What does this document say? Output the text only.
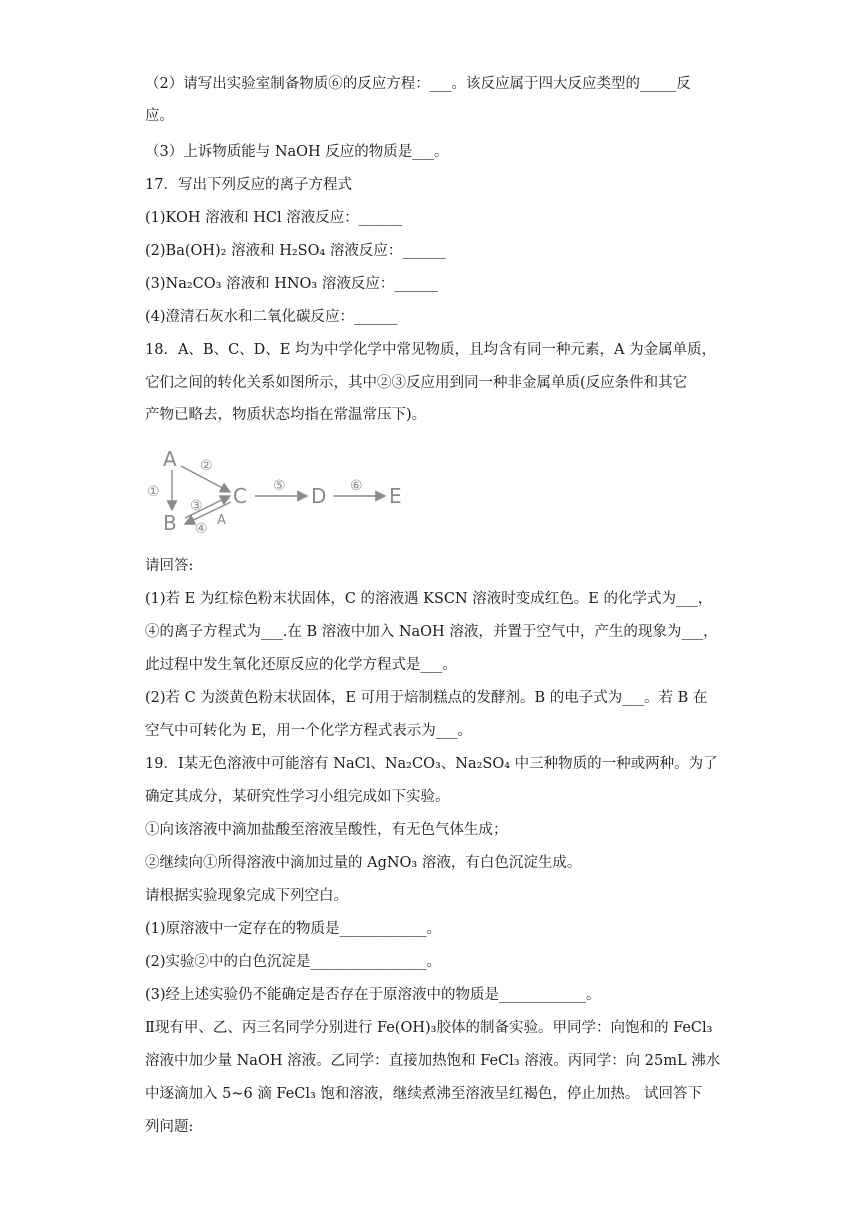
（2）请写出实验室制备物质⑥的反应方程：___。该反应属于四大反应类型的_____反
应。
（3）上诉物质能与 NaOH 反应的物质是___。
17．写出下列反应的离子方程式
(1)KOH 溶液和 HCl 溶液反应：______
(2)Ba(OH)₂ 溶液和 H₂SO₄ 溶液反应：______
(3)Na₂CO₃ 溶液和 HNO₃ 溶液反应：______
(4)澄清石灰水和二氧化碳反应：______
18．A、B、C、D、E 均为中学化学中常见物质，且均含有同一种元素，A 为金属单质，
它们之间的转化关系如图所示，其中②③反应用到同一种非金属单质(反应条件和其它
产物已略去，物质状态均指在常温常压下)。
请回答:
(1)若 E 为红棕色粉末状固体，C 的溶液遇 KSCN 溶液时变成红色。E 的化学式为___，
④的离子方程式为___.在 B 溶液中加入 NaOH 溶液，并置于空气中，产生的现象为___，
此过程中发生氧化还原反应的化学方程式是___。
(2)若 C 为淡黄色粉末状固体，E 可用于焙制糕点的发酵剂。B 的电子式为___。若 B 在
空气中可转化为 E，用一个化学方程式表示为___。
19．Ⅰ某无色溶液中可能溶有 NaCl、Na₂CO₃、Na₂SO₄ 中三种物质的一种或两种。为了
确定其成分，某研究性学习小组完成如下实验。
①向该溶液中滴加盐酸至溶液呈酸性，有无色气体生成；
②继续向①所得溶液中滴加过量的 AgNO₃ 溶液，有白色沉淀生成。
请根据实验现象完成下列空白。
(1)原溶液中一定存在的物质是____________。
(2)实验②中的白色沉淀是________________。
(3)经上述实验仍不能确定是否存在于原溶液中的物质是____________。
Ⅱ现有甲、乙、丙三名同学分别进行 Fe(OH)₃胶体的制备实验。甲同学：向饱和的 FeCl₃
溶液中加少量 NaOH 溶液。乙同学：直接加热饱和 FeCl₃ 溶液。丙同学：向 25mL 沸水
中逐滴加入 5~6 滴 FeCl₃ 饱和溶液，继续煮沸至溶液呈红褐色，停止加热。 试回答下
列问题:
A
B
C	D	E
①
②
③
④
A
⑤	⑥
